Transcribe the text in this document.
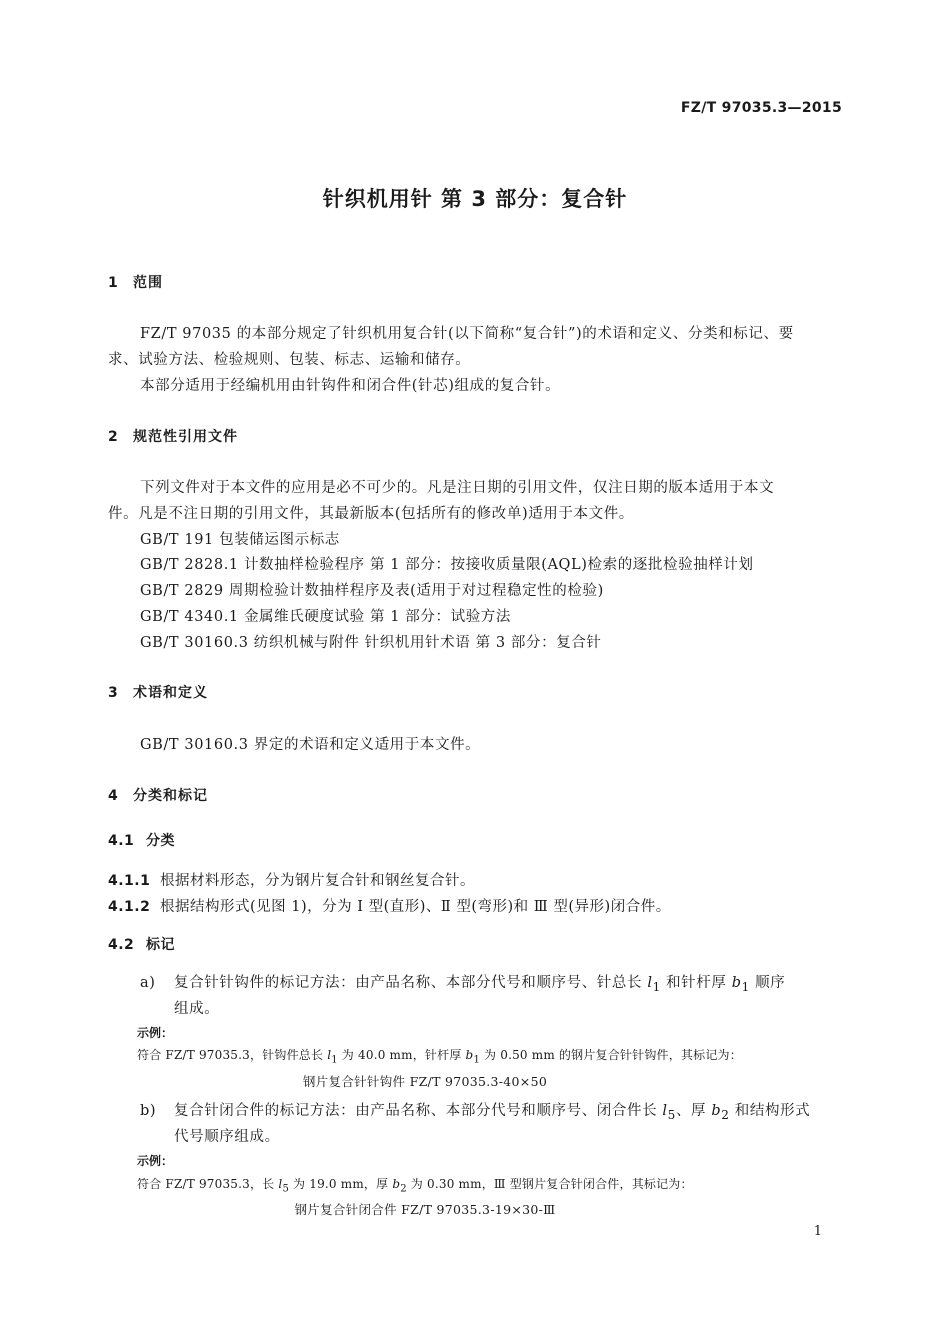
FZ/T 97035.3—2015
针织机用针 第 3 部分：复合针
1 范围
FZ/T 97035 的本部分规定了针织机用复合针(以下简称“复合针”)的术语和定义、分类和标记、要
求、试验方法、检验规则、包装、标志、运输和储存。
本部分适用于经编机用由针钩件和闭合件(针芯)组成的复合针。
2 规范性引用文件
下列文件对于本文件的应用是必不可少的。凡是注日期的引用文件，仅注日期的版本适用于本文
件。凡是不注日期的引用文件，其最新版本(包括所有的修改单)适用于本文件。
GB/T 191 包装储运图示标志
GB/T 2828.1 计数抽样检验程序 第 1 部分：按接收质量限(AQL)检索的逐批检验抽样计划
GB/T 2829 周期检验计数抽样程序及表(适用于对过程稳定性的检验)
GB/T 4340.1 金属维氏硬度试验 第 1 部分：试验方法
GB/T 30160.3 纺织机械与附件 针织机用针术语 第 3 部分：复合针
3 术语和定义
GB/T 30160.3 界定的术语和定义适用于本文件。
4 分类和标记
4.1 分类
4.1.1 根据材料形态，分为钢片复合针和钢丝复合针。
4.1.2 根据结构形式(见图 1)，分为 Ⅰ 型(直形)、Ⅱ 型(弯形)和 Ⅲ 型(异形)闭合件。
4.2 标记
a) 复合针针钩件的标记方法：由产品名称、本部分代号和顺序号、针总长 $l_1$ 和针杆厚 $b_1$ 顺序
组成。
示例：
符合 FZ/T 97035.3，针钩件总长 $l_1$ 为 40.0 mm，针杆厚 $b_1$ 为 0.50 mm 的钢片复合针针钩件，其标记为：
钢片复合针针钩件 FZ/T 97035.3-40×50
b) 复合针闭合件的标记方法：由产品名称、本部分代号和顺序号、闭合件长 $l_5$、厚 $b_2$ 和结构形式
代号顺序组成。
示例：
符合 FZ/T 97035.3，长 $l_5$ 为 19.0 mm，厚 $b_2$ 为 0.30 mm，Ⅲ 型钢片复合针闭合件，其标记为：
钢片复合针闭合件 FZ/T 97035.3-19×30-Ⅲ
1
